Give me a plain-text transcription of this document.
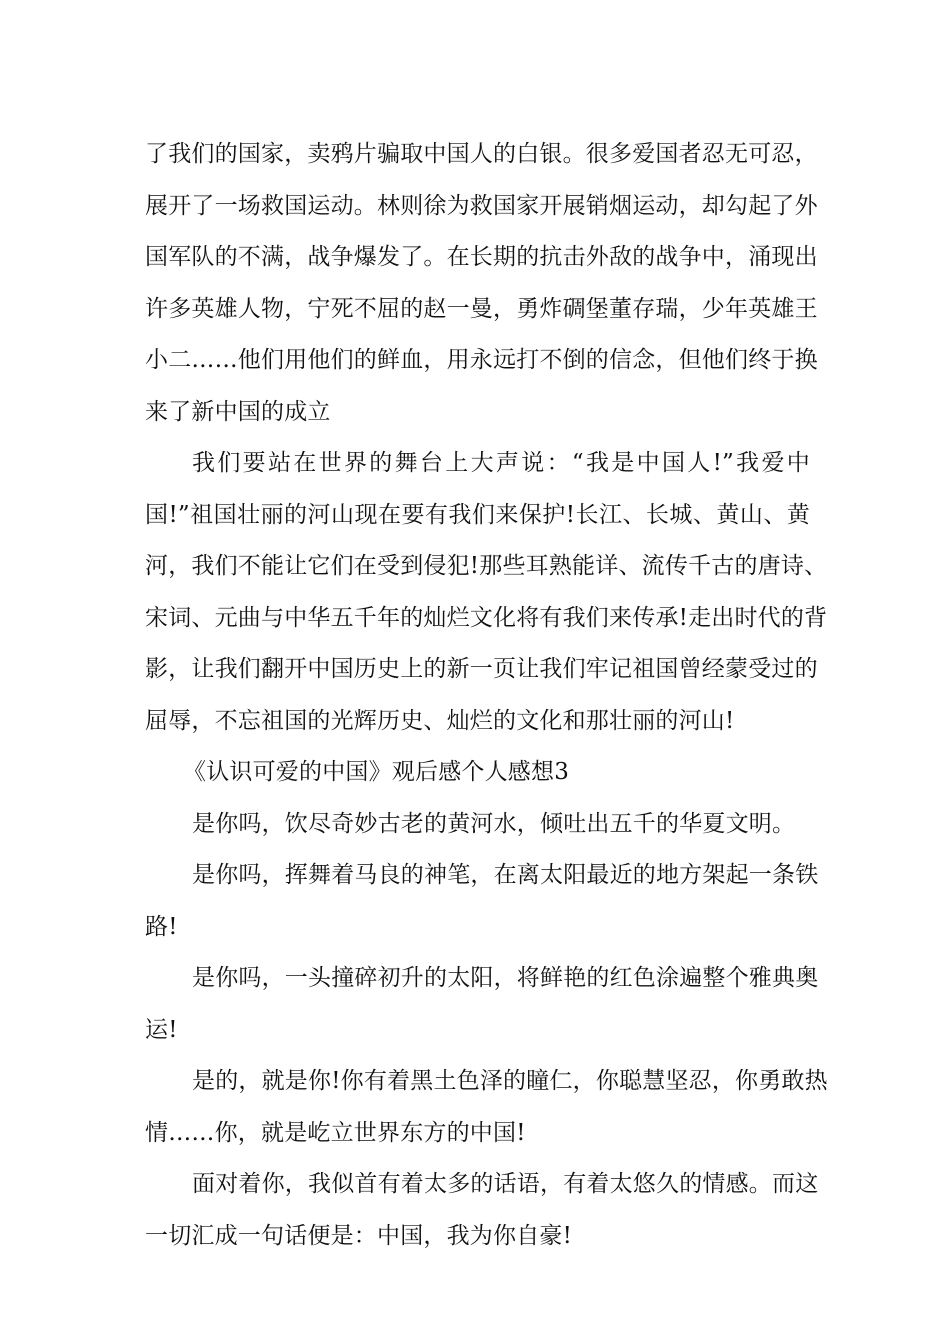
了我们的国家，卖鸦片骗取中国人的白银。很多爱国者忍无可忍，
展开了一场救国运动。林则徐为救国家开展销烟运动，却勾起了外
国军队的不满，战争爆发了。在长期的抗击外敌的战争中，涌现出
许多英雄人物，宁死不屈的赵一曼，勇炸碉堡董存瑞，少年英雄王
小二……他们用他们的鲜血，用永远打不倒的信念，但他们终于换
来了新中国的成立
我们要站在世界的舞台上大声说：“我是中国人!”我爱中
国!”祖国壮丽的河山现在要有我们来保护!长江、长城、黄山、黄
河，我们不能让它们在受到侵犯!那些耳熟能详、流传千古的唐诗、
宋词、元曲与中华五千年的灿烂文化将有我们来传承!走出时代的背
影，让我们翻开中国历史上的新一页让我们牢记祖国曾经蒙受过的
屈辱，不忘祖国的光辉历史、灿烂的文化和那壮丽的河山!
《认识可爱的中国》观后感个人感想3
是你吗，饮尽奇妙古老的黄河水，倾吐出五千的华夏文明。
是你吗，挥舞着马良的神笔，在离太阳最近的地方架起一条铁
路!
是你吗，一头撞碎初升的太阳，将鲜艳的红色涂遍整个雅典奥
运!
是的，就是你!你有着黑土色泽的瞳仁，你聪慧坚忍，你勇敢热
情……你，就是屹立世界东方的中国!
面对着你，我似首有着太多的话语，有着太悠久的情感。而这
一切汇成一句话便是：中国，我为你自豪!
